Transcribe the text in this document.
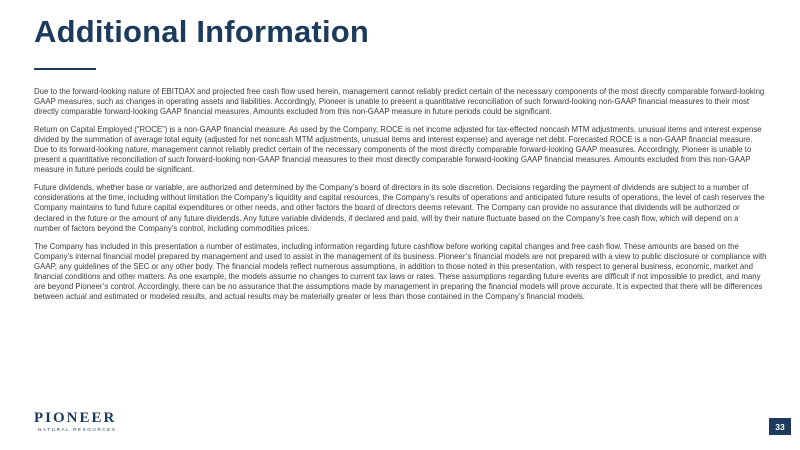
Additional Information

Due to the forward-looking nature of EBITDAX and projected free cash flow used herein, management cannot reliably predict certain of the necessary components of the most directly comparable forward-looking GAAP measures, such as changes in operating assets and liabilities. Accordingly, Pioneer is unable to present a quantitative reconciliation of such forward-looking non-GAAP financial measures to their most directly comparable forward-looking GAAP financial measures. Amounts excluded from this non-GAAP measure in future periods could be significant.

Return on Capital Employed (“ROCE”) is a non-GAAP financial measure. As used by the Company, ROCE is net income adjusted for tax-effected noncash MTM adjustments, unusual items and interest expense divided by the summation of average total equity (adjusted for net noncash MTM adjustments, unusual items and interest expense) and average net debt. Forecasted ROCE is a non-GAAP financial measure. Due to its forward-looking nature, management cannot reliably predict certain of the necessary components of the most directly comparable forward-looking GAAP measures. Accordingly, Pioneer is unable to present a quantitative reconciliation of such forward-looking non-GAAP financial measures to their most directly comparable forward-looking GAAP financial measures. Amounts excluded from this non-GAAP measure in future periods could be significant.

Future dividends, whether base or variable, are authorized and determined by the Company’s board of directors in its sole discretion. Decisions regarding the payment of dividends are subject to a number of considerations at the time, including without limitation the Company’s liquidity and capital resources, the Company’s results of operations and anticipated future results of operations, the level of cash reserves the Company maintains to fund future capital expenditures or other needs, and other factors the board of directors deems relevant. The Company can provide no assurance that dividends will be authorized or declared in the future or the amount of any future dividends. Any future variable dividends, if declared and paid, will by their nature fluctuate based on the Company’s free cash flow, which will depend on a number of factors beyond the Company’s control, including commodities prices.

The Company has included in this presentation a number of estimates, including information regarding future cashflow before working capital changes and free cash flow. These amounts are based on the Company’s internal financial model prepared by management and used to assist in the management of its business. Pioneer’s financial models are not prepared with a view to public disclosure or compliance with GAAP, any guidelines of the SEC or any other body. The financial models reflect numerous assumptions, in addition to those noted in this presentation, with respect to general business, economic, market and financial conditions and other matters. As one example, the models assume no changes to current tax laws or rates. These assumptions regarding future events are difficult if not impossible to predict, and many are beyond Pioneer’s control. Accordingly, there can be no assurance that the assumptions made by management in preparing the financial models will prove accurate. It is expected that there will be differences between actual and estimated or modeled results, and actual results may be materially greater or less than those contained in the Company’s financial models.

PIONEER
NATURAL RESOURCES	33
